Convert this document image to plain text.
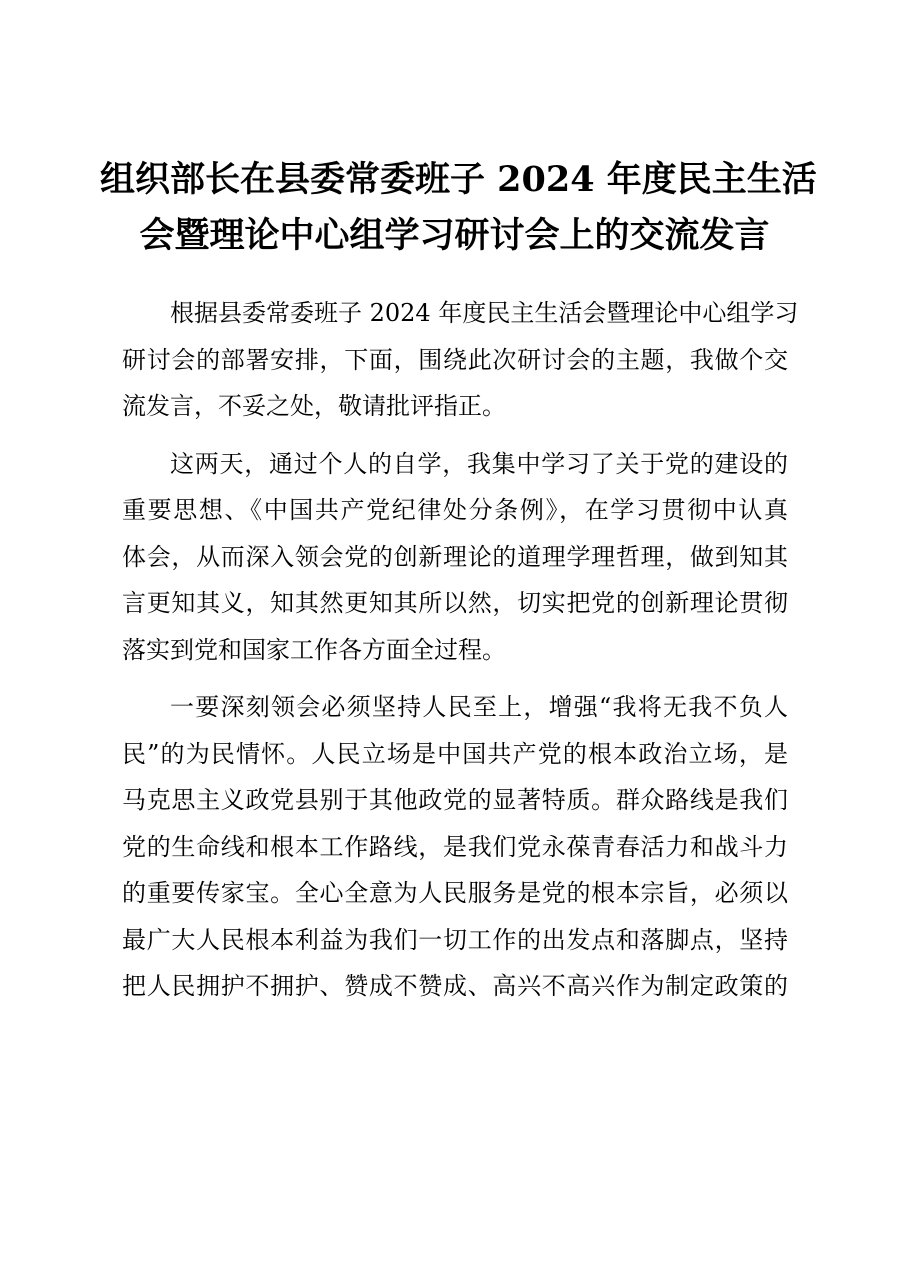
组织部长在县委常委班子 2024 年度民主生活
会暨理论中心组学习研讨会上的交流发言

根据县委常委班子 2024 年度民主生活会暨理论中心组学习
研讨会的部署安排，下面，围绕此次研讨会的主题，我做个交
流发言，不妥之处，敬请批评指正。

这两天，通过个人的自学，我集中学习了关于党的建设的
重要思想、《中国共产党纪律处分条例》，在学习贯彻中认真
体会，从而深入领会党的创新理论的道理学理哲理，做到知其
言更知其义，知其然更知其所以然，切实把党的创新理论贯彻
落实到党和国家工作各方面全过程。

一要深刻领会必须坚持人民至上，增强“我将无我不负人
民”的为民情怀。人民立场是中国共产党的根本政治立场，是
马克思主义政党县别于其他政党的显著特质。群众路线是我们
党的生命线和根本工作路线，是我们党永葆青春活力和战斗力
的重要传家宝。全心全意为人民服务是党的根本宗旨，必须以
最广大人民根本利益为我们一切工作的出发点和落脚点，坚持
把人民拥护不拥护、赞成不赞成、高兴不高兴作为制定政策的
